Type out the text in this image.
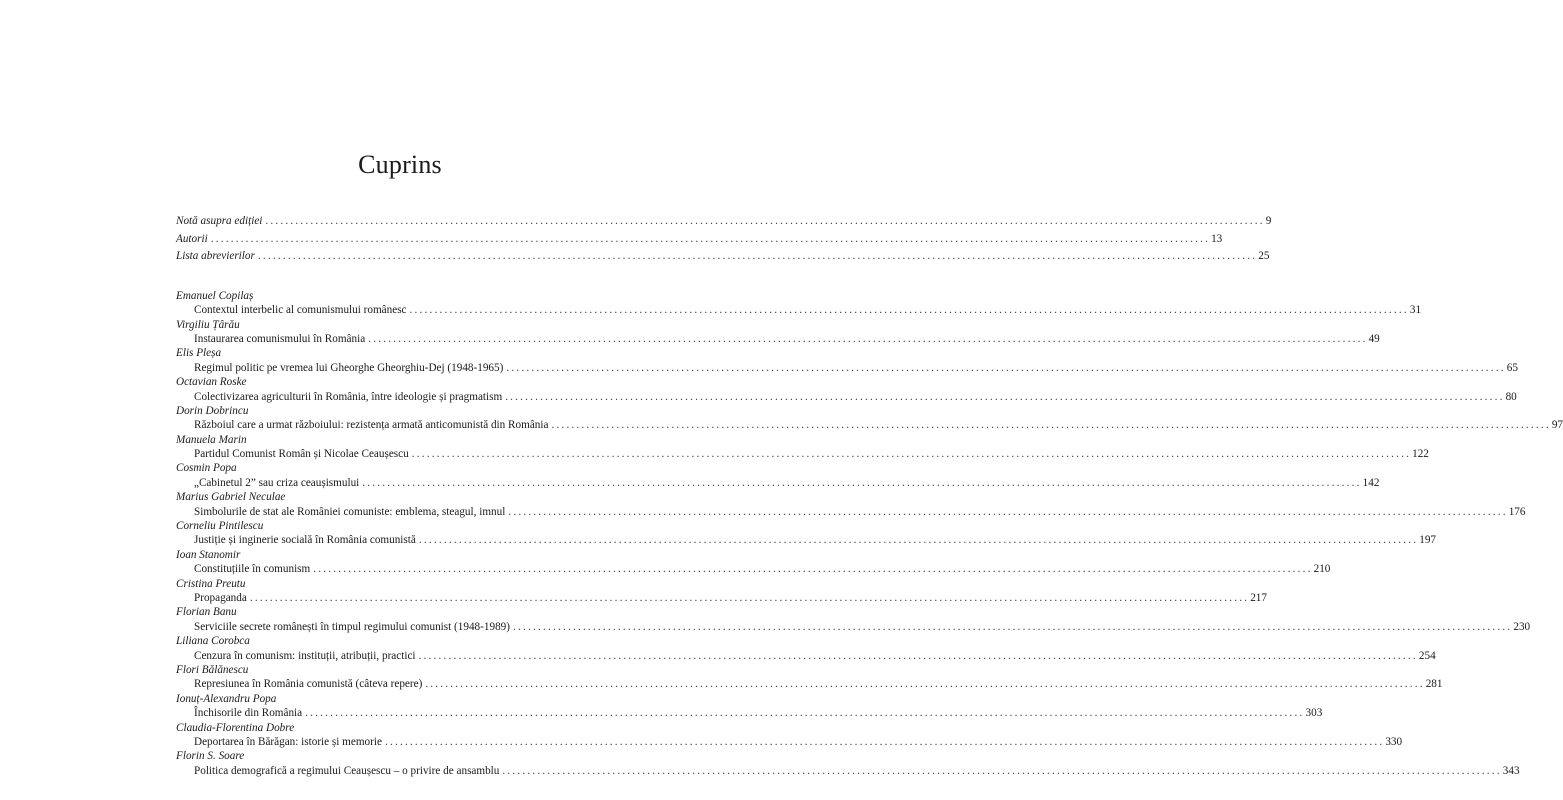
Cuprins
Notă asupra ediției ........................................................................................................................................................................................................ 9
Autorii ........................................................................................................................................................................................................ 13
Lista abrevierilor ........................................................................................................................................................................................................ 25
Emanuel Copilaș
Contextul interbelic al comunismului românesc ........................................................................................................................................................................................................ 31
Virgiliu Țârău
Instaurarea comunismului în România ........................................................................................................................................................................................................ 49
Elis Pleșa
Regimul politic pe vremea lui Gheorghe Gheorghiu-Dej (1948-1965) ........................................................................................................................................................................................................ 65
Octavian Roske
Colectivizarea agriculturii în România, între ideologie și pragmatism ........................................................................................................................................................................................................ 80
Dorin Dobrincu
Războiul care a urmat războiului: rezistența armată anticomunistă din România ........................................................................................................................................................................................................ 97
Manuela Marin
Partidul Comunist Român și Nicolae Ceaușescu ........................................................................................................................................................................................................ 122
Cosmin Popa
„Cabinetul 2” sau criza ceaușismului ........................................................................................................................................................................................................ 142
Marius Gabriel Neculae
Simbolurile de stat ale României comuniste: emblema, steagul, imnul ........................................................................................................................................................................................................ 176
Corneliu Pintilescu
Justiție și inginerie socială în România comunistă ........................................................................................................................................................................................................ 197
Ioan Stanomir
Constituțiile în comunism ........................................................................................................................................................................................................ 210
Cristina Preutu
Propaganda ........................................................................................................................................................................................................ 217
Florian Banu
Serviciile secrete românești în timpul regimului comunist (1948-1989) ........................................................................................................................................................................................................ 230
Liliana Corobca
Cenzura în comunism: instituții, atribuții, practici ........................................................................................................................................................................................................ 254
Flori Bălănescu
Represiunea în România comunistă (câteva repere) ........................................................................................................................................................................................................ 281
Ionuț-Alexandru Popa
Închisorile din România ........................................................................................................................................................................................................ 303
Claudia-Florentina Dobre
Deportarea în Bărăgan: istorie și memorie ........................................................................................................................................................................................................ 330
Florin S. Soare
Politica demografică a regimului Ceaușescu – o privire de ansamblu ........................................................................................................................................................................................................ 343
